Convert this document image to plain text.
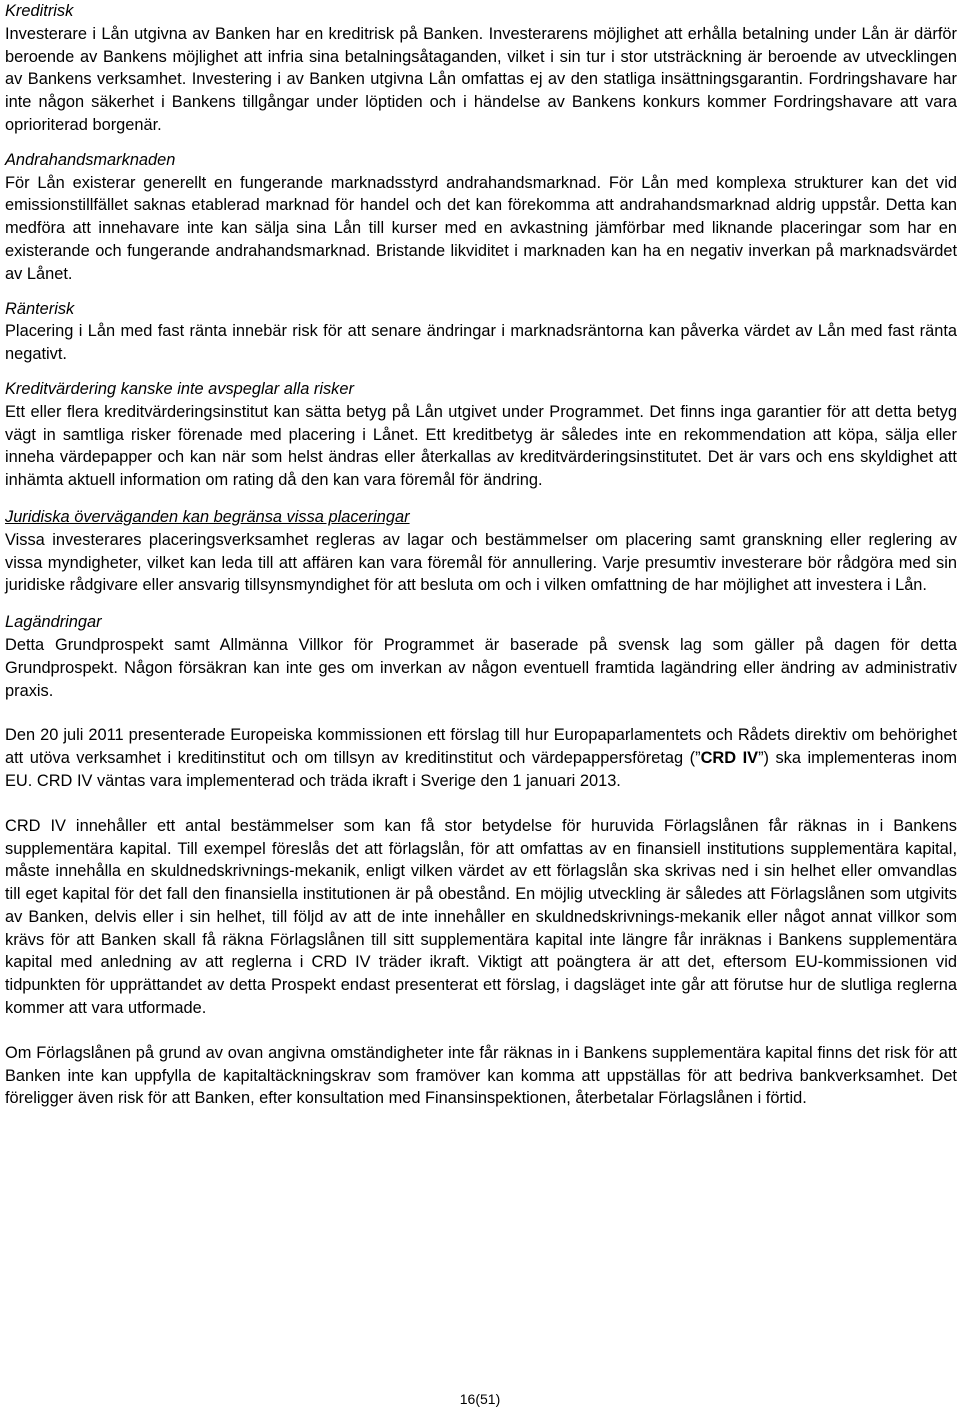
Kreditrisk

Investerare i Lån utgivna av Banken har en kreditrisk på Banken. Investerarens möjlighet att erhålla betalning under Lån är därför beroende av Bankens möjlighet att infria sina betalningsåtaganden, vilket i sin tur i stor utsträckning är beroende av utvecklingen av Bankens verksamhet. Investering i av Banken utgivna Lån omfattas ej av den statliga insättningsgarantin. Fordringshavare har inte någon säkerhet i Bankens tillgångar under löptiden och i händelse av Bankens konkurs kommer Fordringshavare att vara oprioriterad borgenär.

Andrahandsmarknaden

För Lån existerar generellt en fungerande marknadsstyrd andrahandsmarknad. För Lån med komplexa strukturer kan det vid emissionstillfället saknas etablerad marknad för handel och det kan förekomma att andrahandsmarknad aldrig uppstår. Detta kan medföra att innehavare inte kan sälja sina Lån till kurser med en avkastning jämförbar med liknande placeringar som har en existerande och fungerande andrahandsmarknad. Bristande likviditet i marknaden kan ha en negativ inverkan på marknadsvärdet av Lånet.

Ränterisk

Placering i Lån med fast ränta innebär risk för att senare ändringar i marknadsräntorna kan påverka värdet av Lån med fast ränta negativt.

Kreditvärdering kanske inte avspeglar alla risker

Ett eller flera kreditvärderingsinstitut kan sätta betyg på Lån utgivet under Programmet. Det finns inga garantier för att detta betyg vägt in samtliga risker förenade med placering i Lånet. Ett kreditbetyg är således inte en rekommendation att köpa, sälja eller inneha värdepapper och kan när som helst ändras eller återkallas av kreditvärderingsinstitutet. Det är vars och ens skyldighet att inhämta aktuell information om rating då den kan vara föremål för ändring.

Juridiska överväganden kan begränsa vissa placeringar

Vissa investerares placeringsverksamhet regleras av lagar och bestämmelser om placering samt granskning eller reglering av vissa myndigheter, vilket kan leda till att affären kan vara föremål för annullering. Varje presumtiv investerare bör rådgöra med sin juridiske rådgivare eller ansvarig tillsynsmyndighet för att besluta om och i vilken omfattning de har möjlighet att investera i Lån.

Lagändringar

Detta Grundprospekt samt Allmänna Villkor för Programmet är baserade på svensk lag som gäller på dagen för detta Grundprospekt. Någon försäkran kan inte ges om inverkan av någon eventuell framtida lagändring eller ändring av administrativ praxis.

Den 20 juli 2011 presenterade Europeiska kommissionen ett förslag till hur Europaparlamentets och Rådets direktiv om behörighet att utöva verksamhet i kreditinstitut och om tillsyn av kreditinstitut och värdepappersföretag (”CRD IV”) ska implementeras inom EU. CRD IV väntas vara implementerad och träda ikraft i Sverige den 1 januari 2013.

CRD IV innehåller ett antal bestämmelser som kan få stor betydelse för huruvida Förlagslånen får räknas in i Bankens supplementära kapital. Till exempel föreslås det att förlagslån, för att omfattas av en finansiell institutions supplementära kapital, måste innehålla en skuldnedskrivnings-mekanik, enligt vilken värdet av ett förlagslån ska skrivas ned i sin helhet eller omvandlas till eget kapital för det fall den finansiella institutionen är på obestånd. En möjlig utveckling är således att Förlagslånen som utgivits av Banken, delvis eller i sin helhet, till följd av att de inte innehåller en skuldnedskrivnings-mekanik eller något annat villkor som krävs för att Banken skall få räkna Förlagslånen till sitt supplementära kapital inte längre får inräknas i Bankens supplementära kapital med anledning av att reglerna i CRD IV träder ikraft. Viktigt att poängtera är att det, eftersom EU-kommissionen vid tidpunkten för upprättandet av detta Prospekt endast presenterat ett förslag, i dagsläget inte går att förutse hur de slutliga reglerna kommer att vara utformade.

Om Förlagslånen på grund av ovan angivna omständigheter inte får räknas in i Bankens supplementära kapital finns det risk för att Banken inte kan uppfylla de kapitaltäckningskrav som framöver kan komma att uppställas för att bedriva bankverksamhet. Det föreligger även risk för att Banken, efter konsultation med Finansinspektionen, återbetalar Förlagslånen i förtid.

16(51)
